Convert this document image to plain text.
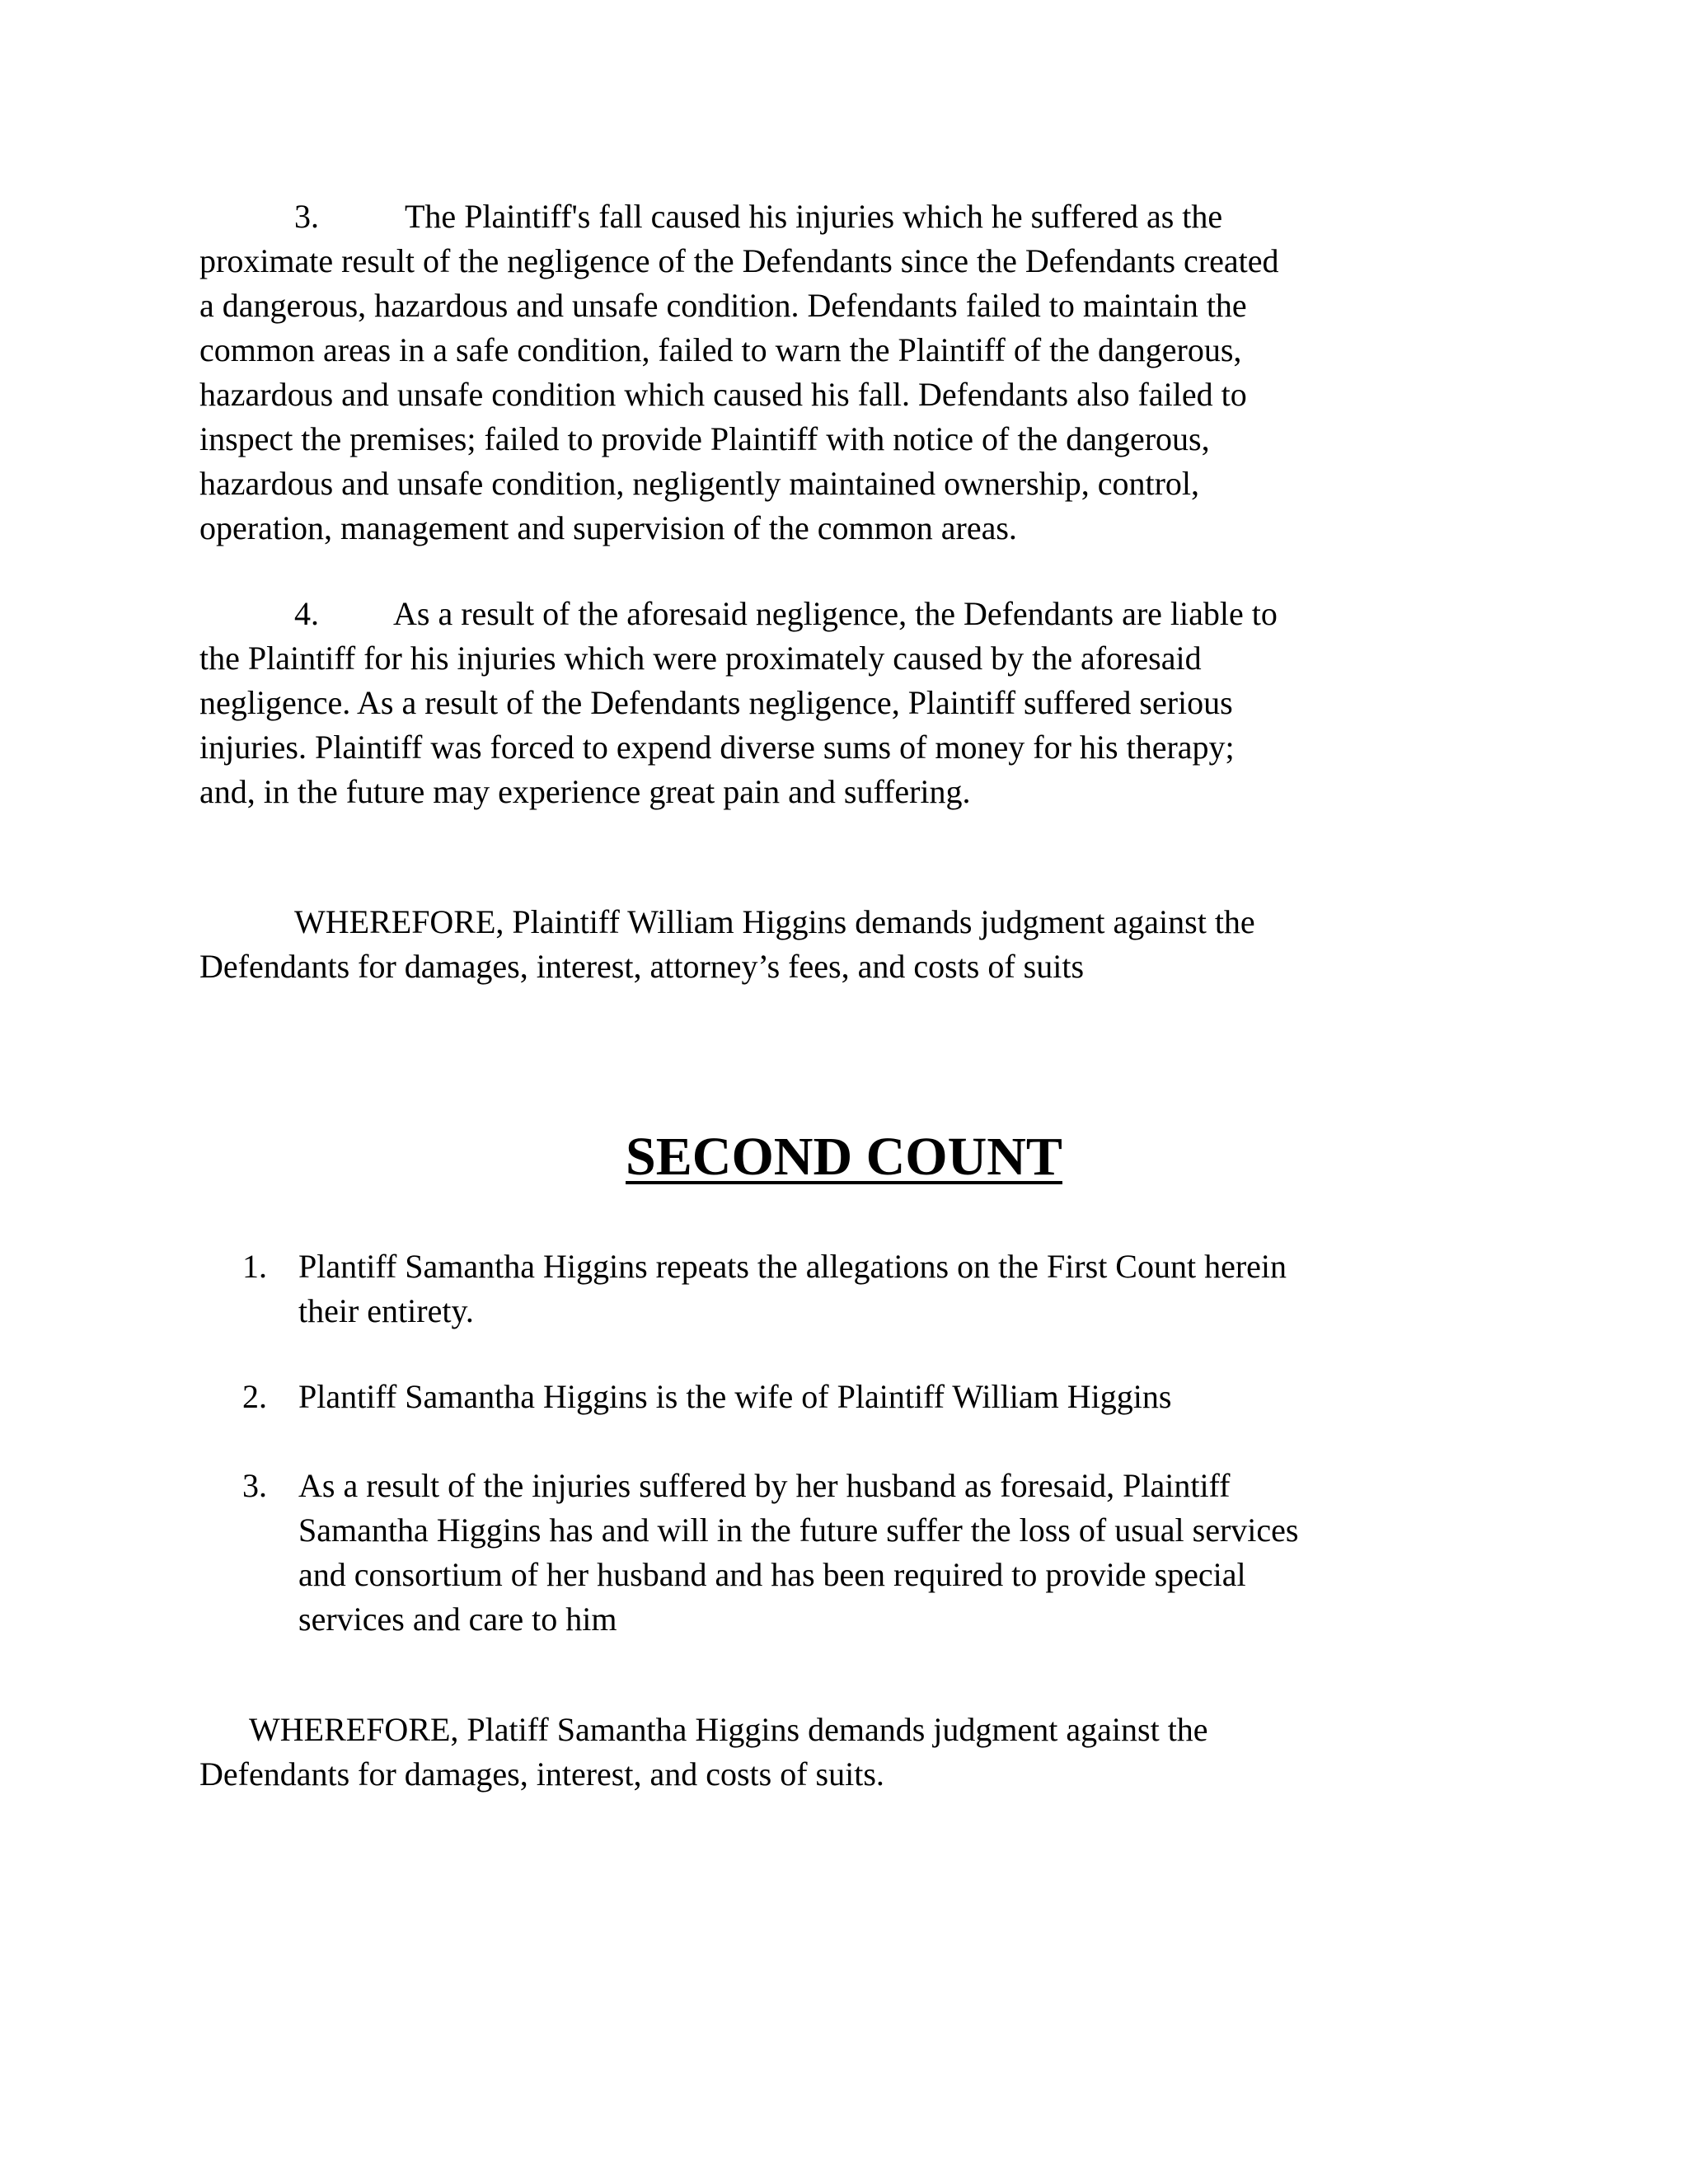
3.	The Plaintiff's fall caused his injuries which he suffered as the
proximate result of the negligence of the Defendants since the Defendants created
a dangerous, hazardous and unsafe condition. Defendants failed to maintain the
common areas in a safe condition, failed to warn the Plaintiff of the dangerous,
hazardous and unsafe condition which caused his fall. Defendants also failed to
inspect the premises; failed to provide Plaintiff with notice of the dangerous,
hazardous and unsafe condition, negligently maintained ownership, control,
operation, management and supervision of the common areas.
4. As a result of the aforesaid negligence, the Defendants are liable to
the Plaintiff for his injuries which were proximately caused by the aforesaid
negligence. As a result of the Defendants negligence, Plaintiff suffered serious
injuries. Plaintiff was forced to expend diverse sums of money for his therapy;
and, in the future may experience great pain and suffering.
WHEREFORE, Plaintiff William Higgins demands judgment against the
Defendants for damages, interest, attorney’s fees, and costs of suits
SECOND COUNT
1. Plantiff Samantha Higgins repeats the allegations on the First Count herein
their entirety.
2. Plantiff Samantha Higgins is the wife of Plaintiff William Higgins
3. As a result of the injuries suffered by her husband as foresaid, Plaintiff
Samantha Higgins has and will in the future suffer the loss of usual services
and consortium of her husband and has been required to provide special
services and care to him
WHEREFORE, Platiff Samantha Higgins demands judgment against the
Defendants for damages, interest, and costs of suits.
